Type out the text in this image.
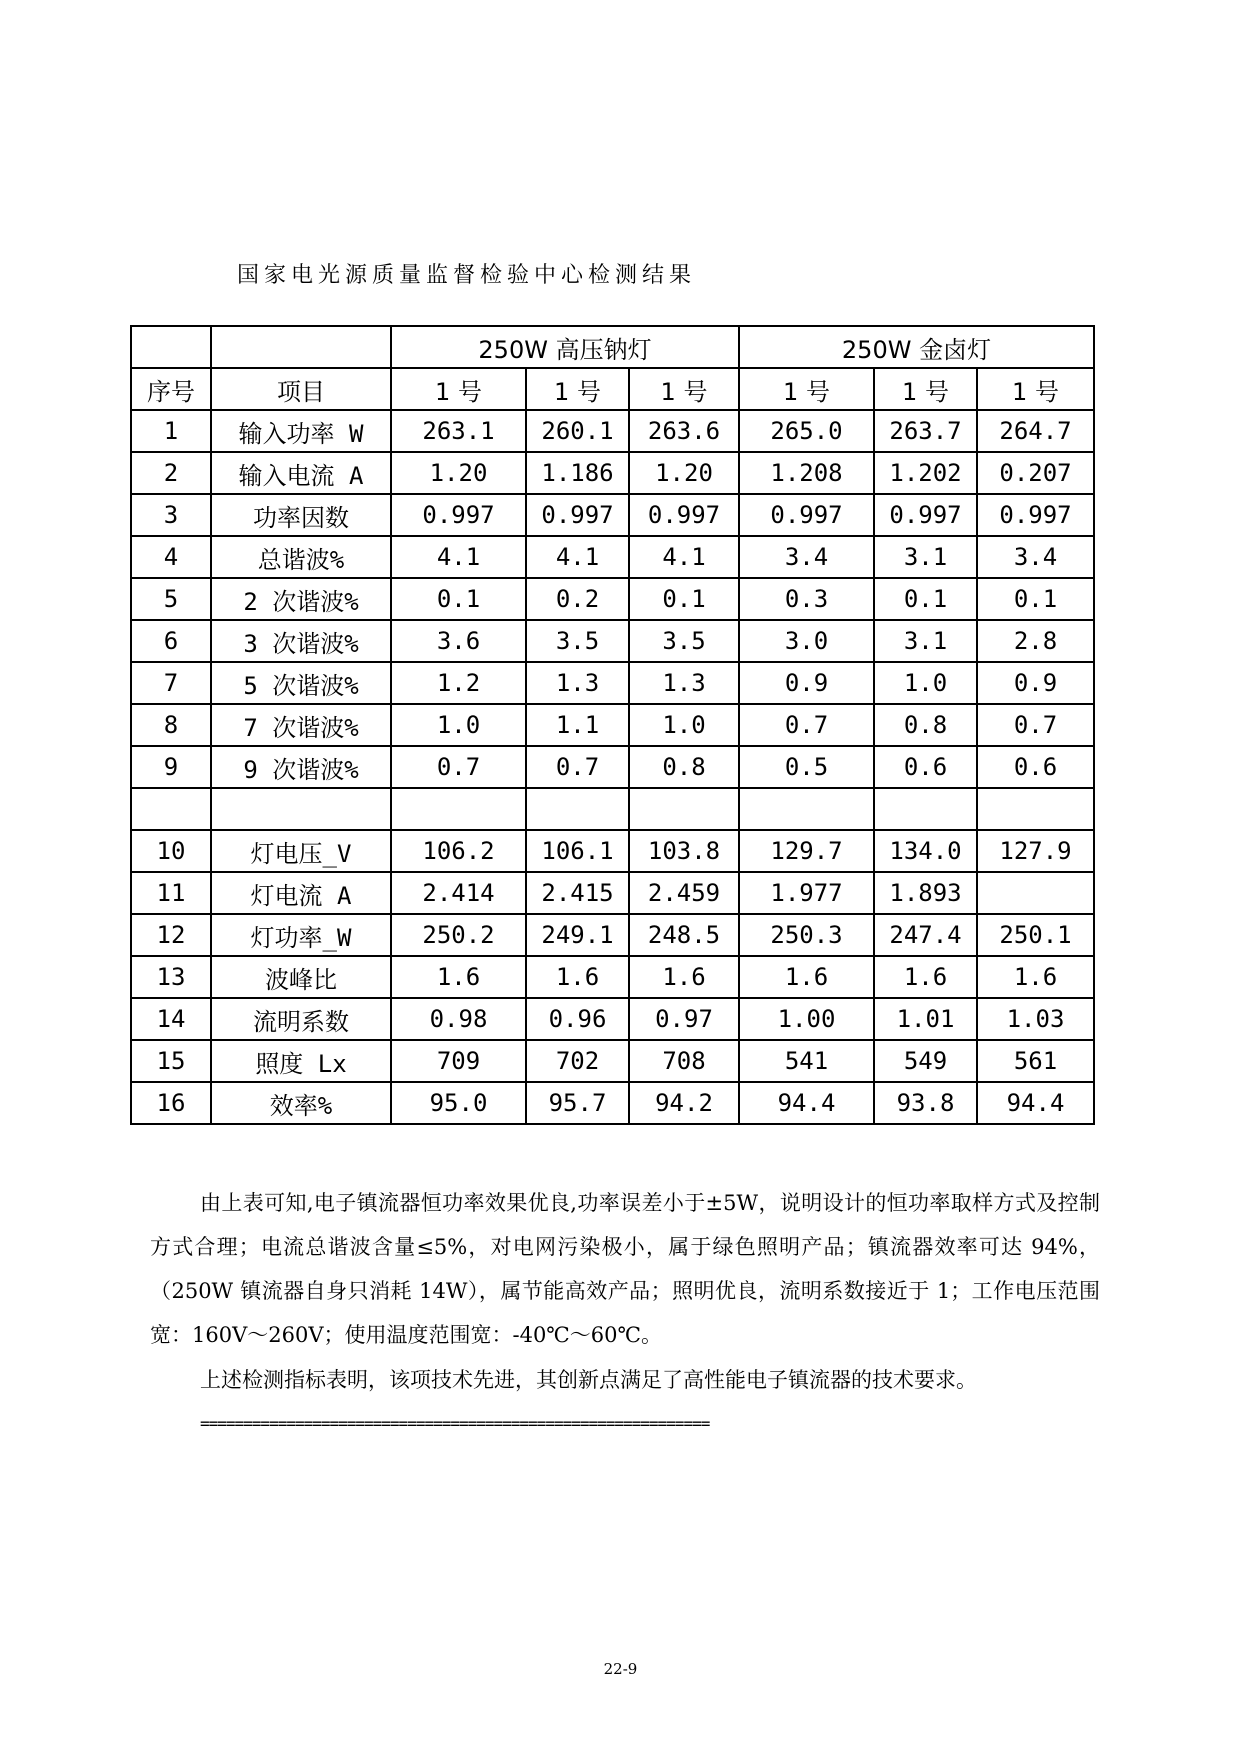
国家电光源质量监督检验中心检测结果
		250W 高压钠灯			250W 金卤灯		
序号	项目	1 号	1 号	1 号	1 号	1 号	1 号
1	输入功率 W	263.1	260.1	263.6	265.0	263.7	264.7
2	输入电流 A	1.20	1.186	1.20	1.208	1.202	0.207
3	功率因数	0.997	0.997	0.997	0.997	0.997	0.997
4	总谐波%	4.1	4.1	4.1	3.4	3.1	3.4
5	2 次谐波%	0.1	0.2	0.1	0.3	0.1	0.1
6	3 次谐波%	3.6	3.5	3.5	3.0	3.1	2.8
7	5 次谐波%	1.2	1.3	1.3	0.9	1.0	0.9
8	7 次谐波%	1.0	1.1	1.0	0.7	0.8	0.7
9	9 次谐波%	0.7	0.7	0.8	0.5	0.6	0.6

10	灯电压_V	106.2	106.1	103.8	129.7	134.0	127.9
11	灯电流 A	2.414	2.415	2.459	1.977	1.893	
12	灯功率_W	250.2	249.1	248.5	250.3	247.4	250.1
13	波峰比	1.6	1.6	1.6	1.6	1.6	1.6
14	流明系数	0.98	0.96	0.97	1.00	1.01	1.03
15	照度 Lx	709	702	708	541	549	561
16	效率%	95.0	95.7	94.2	94.4	93.8	94.4
由上表可知,电子镇流器恒功率效果优良,功率误差小于±5W，说明设计的恒功率取样方式及控制方式合理；电流总谐波含量≤5%，对电网污染极小，属于绿色照明产品；镇流器效率可达 94%，（250W 镇流器自身只消耗 14W），属节能高效产品；照明优良，流明系数接近于 1；工作电压范围宽：160V～260V；使用温度范围宽：-40℃～60℃。
上述检测指标表明，该项技术先进，其创新点满足了高性能电子镇流器的技术要求。
===========================================================
22-9
